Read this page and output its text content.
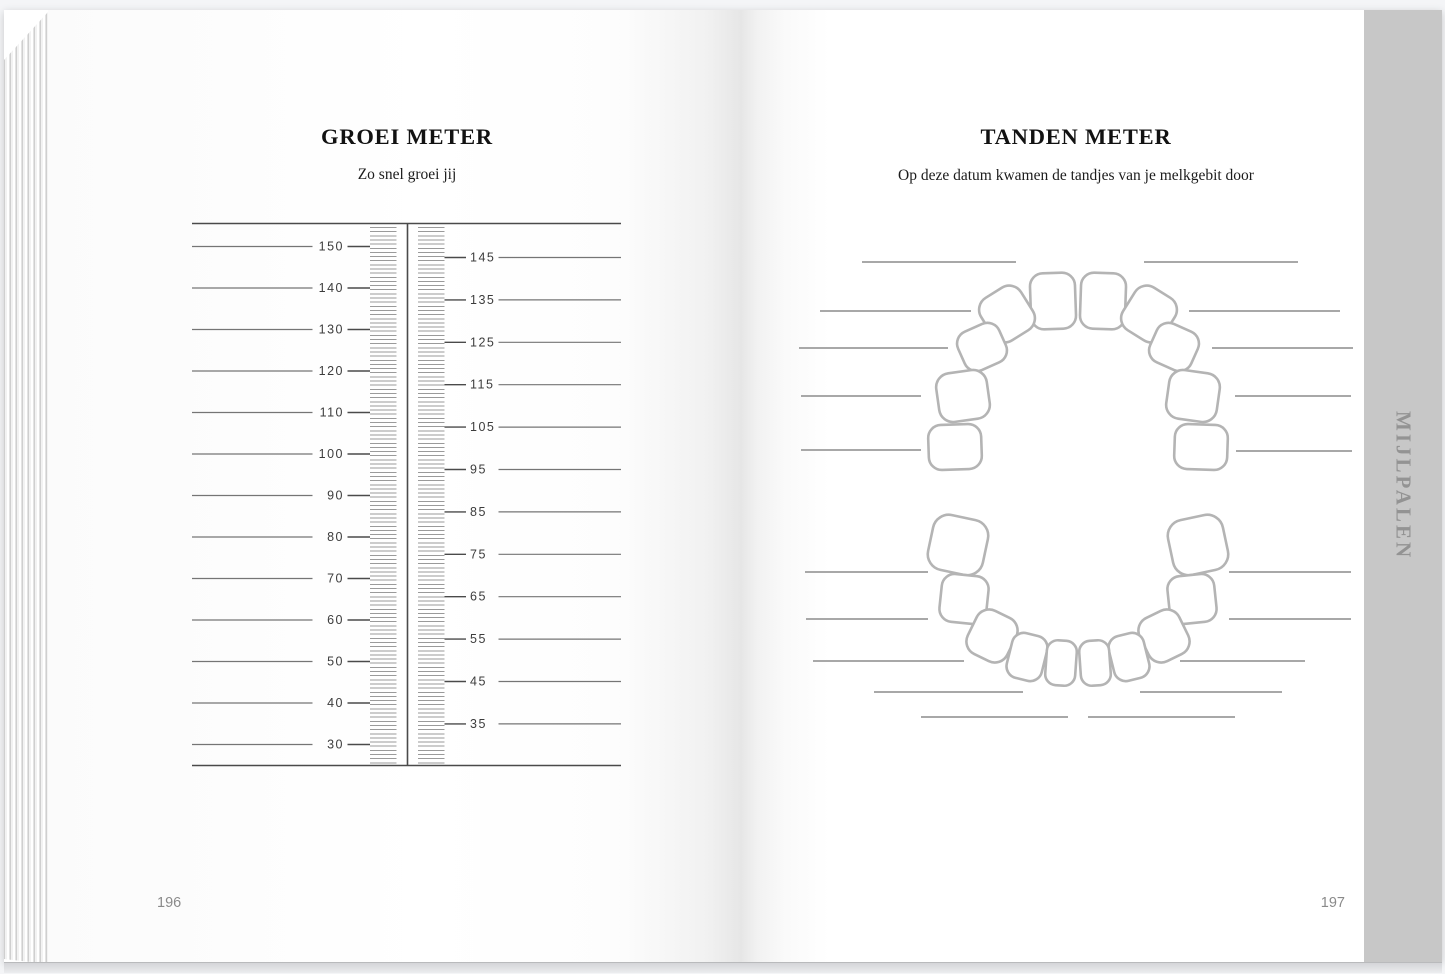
GROEI METER
Zo snel groei jij
150
140
130
120
110
100
90
80
70
60
50
40
30
145
135
125
115
105
95
85
75
65
55
45
35
196
TANDEN METER
Op deze datum kwamen de tandjes van je melkgebit door
197
MIJLPALEN
